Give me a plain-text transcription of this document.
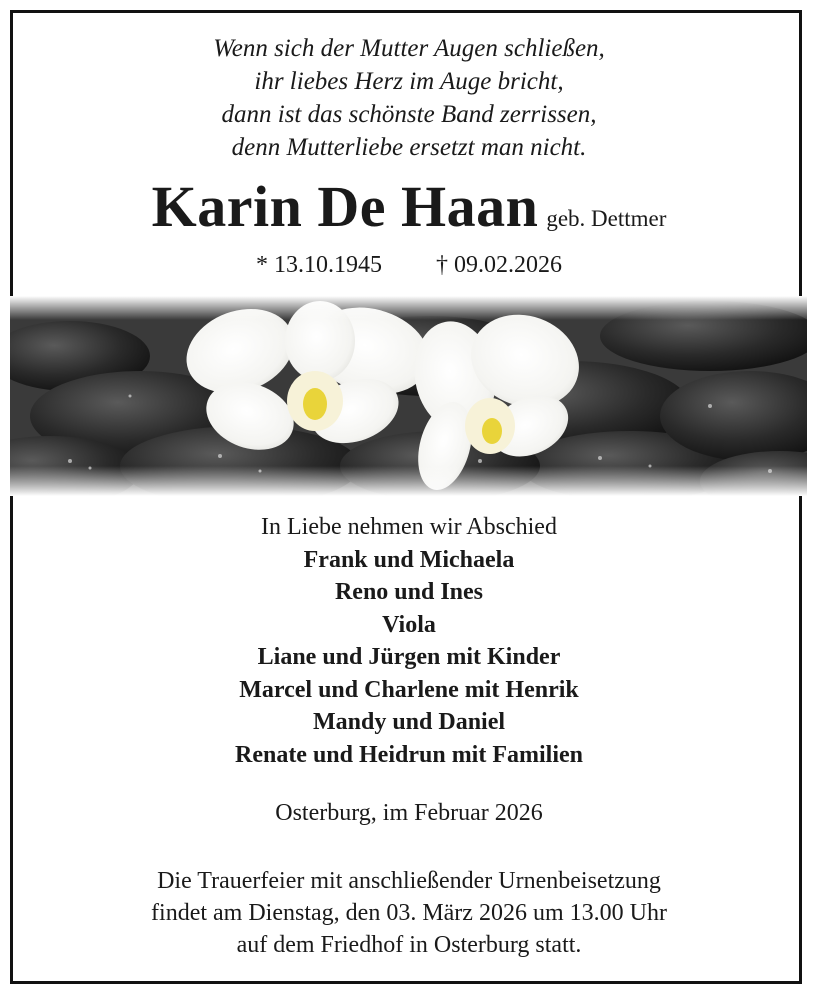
Wenn sich der Mutter Augen schließen,
ihr liebes Herz im Auge bricht,
dann ist das schönste Band zerrissen,
denn Mutterliebe ersetzt man nicht.
Karin De Haan geb. Dettmer
* 13.10.1945 † 09.02.2026
In Liebe nehmen wir Abschied
Frank und Michaela
Reno und Ines
Viola
Liane und Jürgen mit Kinder
Marcel und Charlene mit Henrik
Mandy und Daniel
Renate und Heidrun mit Familien
Osterburg, im Februar 2026
Die Trauerfeier mit anschließender Urnenbeisetzung
findet am Dienstag, den 03. März 2026 um 13.00 Uhr
auf dem Friedhof in Osterburg statt.
